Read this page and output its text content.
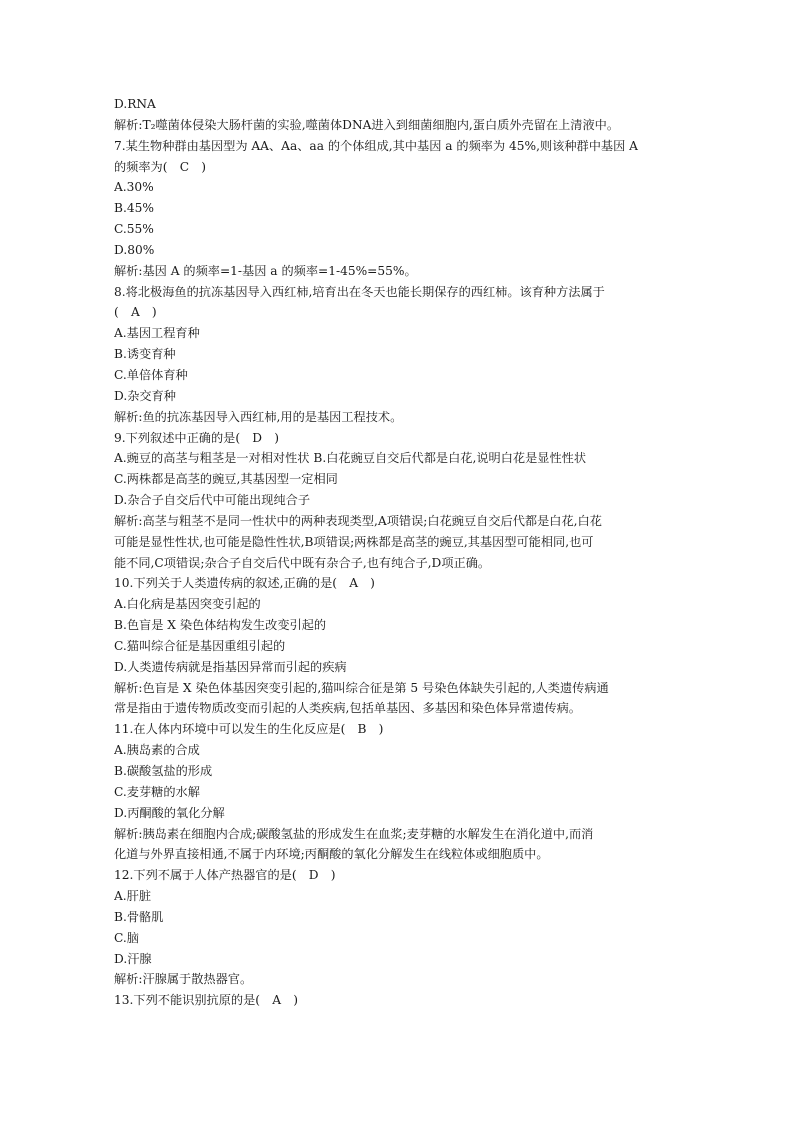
D.RNA
解析:T₂噬菌体侵染大肠杆菌的实验,噬菌体DNA进入到细菌细胞内,蛋白质外壳留在上清液中。
7.某生物种群由基因型为 AA、Aa、aa 的个体组成,其中基因 a 的频率为 45%,则该种群中基因 A
的频率为(　C　)
A.30%
B.45%
C.55%
D.80%
解析:基因 A 的频率=1-基因 a 的频率=1-45%=55%。
8.将北极海鱼的抗冻基因导入西红柿,培育出在冬天也能长期保存的西红柿。该育种方法属于
(　A　)
A.基因工程育种
B.诱变育种
C.单倍体育种
D.杂交育种
解析:鱼的抗冻基因导入西红柿,用的是基因工程技术。
9.下列叙述中正确的是(　D　)
A.豌豆的高茎与粗茎是一对相对性状 B.白花豌豆自交后代都是白花,说明白花是显性性状
C.两株都是高茎的豌豆,其基因型一定相同
D.杂合子自交后代中可能出现纯合子
解析:高茎与粗茎不是同一性状中的两种表现类型,A项错误;白花豌豆自交后代都是白花,白花
可能是显性性状,也可能是隐性性状,B项错误;两株都是高茎的豌豆,其基因型可能相同,也可
能不同,C项错误;杂合子自交后代中既有杂合子,也有纯合子,D项正确。
10.下列关于人类遗传病的叙述,正确的是(　A　)
A.白化病是基因突变引起的
B.色盲是 X 染色体结构发生改变引起的
C.猫叫综合征是基因重组引起的
D.人类遗传病就是指基因异常而引起的疾病
解析:色盲是 X 染色体基因突变引起的,猫叫综合征是第 5 号染色体缺失引起的,人类遗传病通
常是指由于遗传物质改变而引起的人类疾病,包括单基因、多基因和染色体异常遗传病。
11.在人体内环境中可以发生的生化反应是(　B　)
A.胰岛素的合成
B.碳酸氢盐的形成
C.麦芽糖的水解
D.丙酮酸的氧化分解
解析:胰岛素在细胞内合成;碳酸氢盐的形成发生在血浆;麦芽糖的水解发生在消化道中,而消
化道与外界直接相通,不属于内环境;丙酮酸的氧化分解发生在线粒体或细胞质中。
12.下列不属于人体产热器官的是(　D　)
A.肝脏
B.骨骼肌
C.脑
D.汗腺
解析:汗腺属于散热器官。
13.下列不能识别抗原的是(　A　)
